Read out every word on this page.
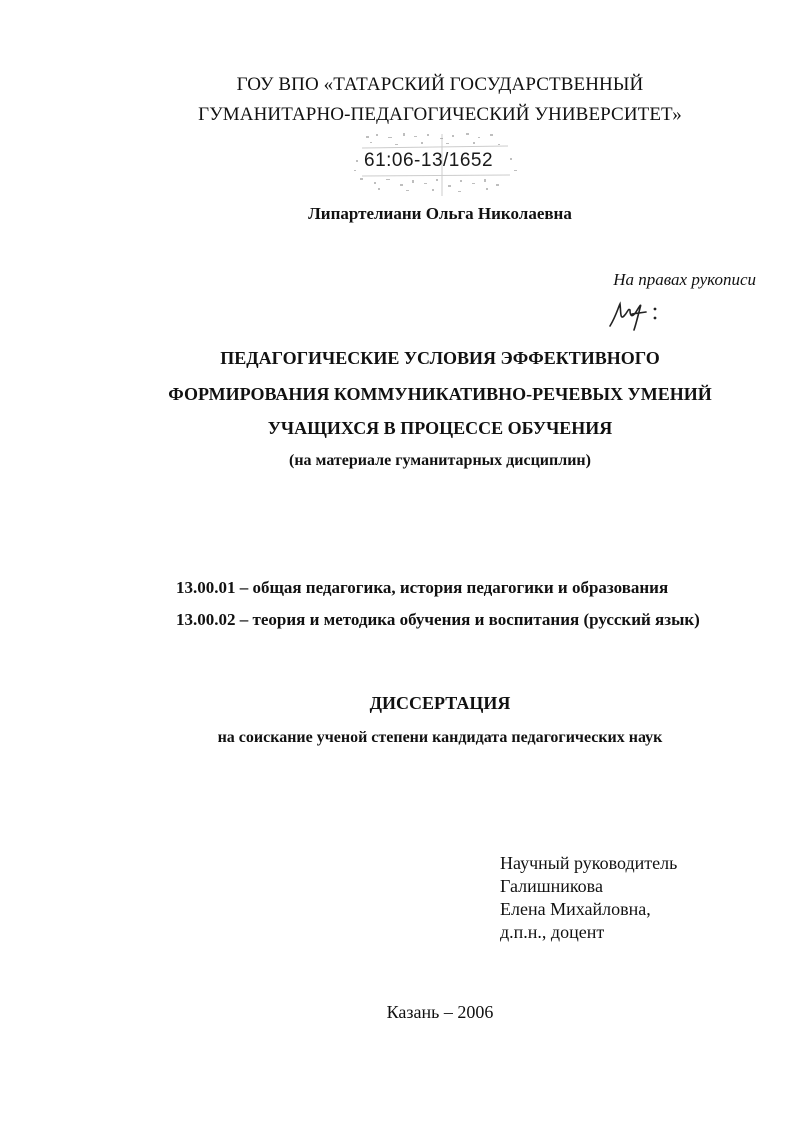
ГОУ ВПО «ТАТАРСКИЙ ГОСУДАРСТВЕННЫЙ
ГУМАНИТАРНО-ПЕДАГОГИЧЕСКИЙ УНИВЕРСИТЕТ»
61:06-13/1652
Липартелиани Ольга Николаевна
На правах рукописи
ПЕДАГОГИЧЕСКИЕ УСЛОВИЯ ЭФФЕКТИВНОГО
ФОРМИРОВАНИЯ КОММУНИКАТИВНО-РЕЧЕВЫХ УМЕНИЙ
УЧАЩИХСЯ В ПРОЦЕССЕ ОБУЧЕНИЯ
(на материале гуманитарных дисциплин)
13.00.01 – общая педагогика, история педагогики и образования
13.00.02 – теория и методика обучения и воспитания (русский язык)
ДИССЕРТАЦИЯ
на соискание ученой степени кандидата педагогических наук
Научный руководитель
Галишникова
Елена Михайловна,
д.п.н., доцент
Казань – 2006
